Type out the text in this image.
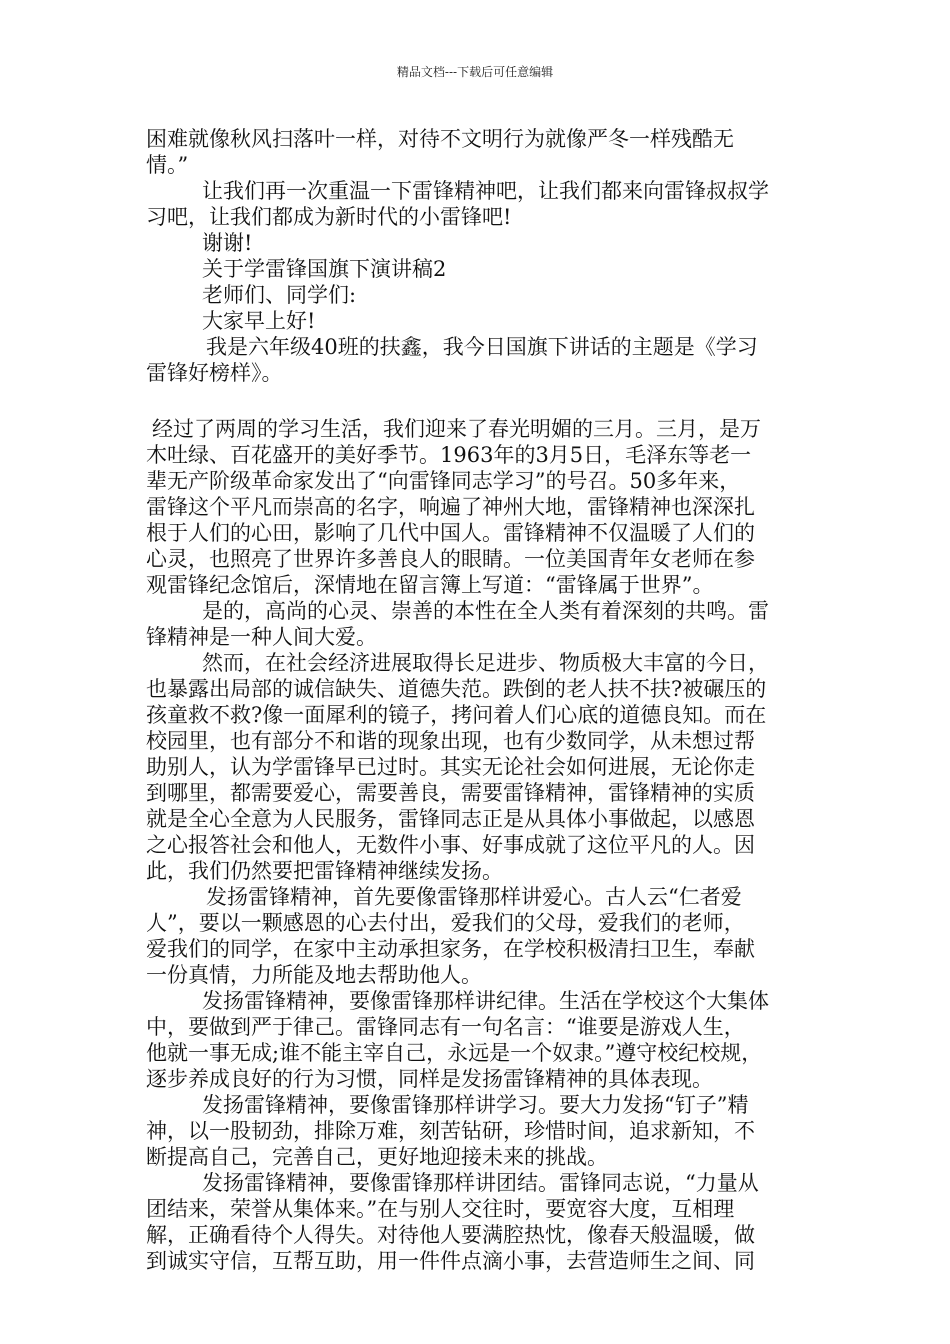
精品文档---下载后可任意编辑
困难就像秋风扫落叶一样，对待不文明行为就像严冬一样残酷无
情。”
让我们再一次重温一下雷锋精神吧，让我们都来向雷锋叔叔学
习吧，让我们都成为新时代的小雷锋吧!
谢谢!
关于学雷锋国旗下演讲稿2
老师们、同学们:
大家早上好!
我是六年级40班的扶鑫，我今日国旗下讲话的主题是《学习
雷锋好榜样》。
经过了两周的学习生活，我们迎来了春光明媚的三月。三月，是万
木吐绿、百花盛开的美好季节。1963年的3月5日，毛泽东等老一
辈无产阶级革命家发出了“向雷锋同志学习”的号召。50多年来，
雷锋这个平凡而崇高的名字，响遍了神州大地，雷锋精神也深深扎
根于人们的心田，影响了几代中国人。雷锋精神不仅温暖了人们的
心灵，也照亮了世界许多善良人的眼睛。一位美国青年女老师在参
观雷锋纪念馆后，深情地在留言簿上写道：“雷锋属于世界”。
是的，高尚的心灵、崇善的本性在全人类有着深刻的共鸣。雷
锋精神是一种人间大爱。
然而，在社会经济进展取得长足进步、物质极大丰富的今日，
也暴露出局部的诚信缺失、道德失范。跌倒的老人扶不扶?被碾压的
孩童救不救?像一面犀利的镜子，拷问着人们心底的道德良知。而在
校园里，也有部分不和谐的现象出现，也有少数同学，从未想过帮
助别人，认为学雷锋早已过时。其实无论社会如何进展，无论你走
到哪里，都需要爱心，需要善良，需要雷锋精神，雷锋精神的实质
就是全心全意为人民服务，雷锋同志正是从具体小事做起，以感恩
之心报答社会和他人，无数件小事、好事成就了这位平凡的人。因
此，我们仍然要把雷锋精神继续发扬。
发扬雷锋精神，首先要像雷锋那样讲爱心。古人云“仁者爱
人”，要以一颗感恩的心去付出，爱我们的父母，爱我们的老师，
爱我们的同学，在家中主动承担家务，在学校积极清扫卫生，奉献
一份真情，力所能及地去帮助他人。
发扬雷锋精神，要像雷锋那样讲纪律。生活在学校这个大集体
中，要做到严于律己。雷锋同志有一句名言：“谁要是游戏人生，
他就一事无成;谁不能主宰自己，永远是一个奴隶。”遵守校纪校规，
逐步养成良好的行为习惯，同样是发扬雷锋精神的具体表现。
发扬雷锋精神，要像雷锋那样讲学习。要大力发扬“钉子”精
神，以一股韧劲，排除万难，刻苦钻研，珍惜时间，追求新知，不
断提高自己，完善自己，更好地迎接未来的挑战。
发扬雷锋精神，要像雷锋那样讲团结。雷锋同志说，“力量从
团结来，荣誉从集体来。”在与别人交往时，要宽容大度，互相理
解，正确看待个人得失。对待他人要满腔热忱，像春天般温暖，做
到诚实守信，互帮互助，用一件件点滴小事，去营造师生之间、同
